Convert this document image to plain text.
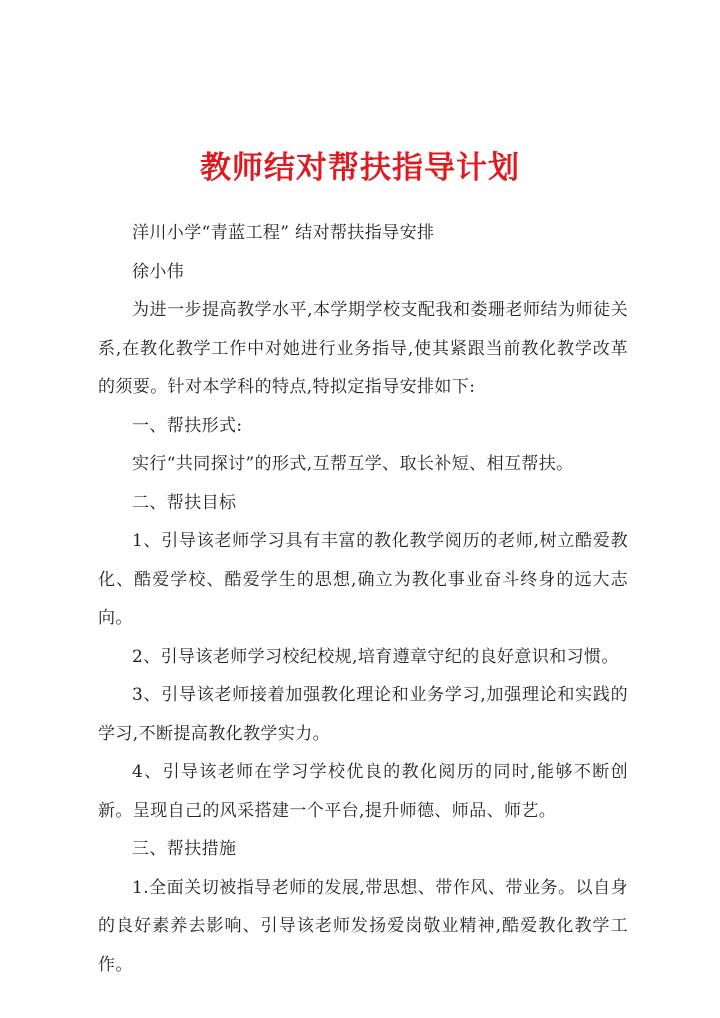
教师结对帮扶指导计划

洋川小学“青蓝工程” 结对帮扶指导安排

徐小伟

为进一步提高教学水平,本学期学校支配我和娄珊老师结为师徒关系,在教化教学工作中对她进行业务指导,使其紧跟当前教化教学改革的须要。针对本学科的特点,特拟定指导安排如下:

一、帮扶形式:

实行“共同探讨”的形式,互帮互学、取长补短、相互帮扶。

二、帮扶目标

1、引导该老师学习具有丰富的教化教学阅历的老师,树立酷爱教化、酷爱学校、酷爱学生的思想,确立为教化事业奋斗终身的远大志向。

2、引导该老师学习校纪校规,培育遵章守纪的良好意识和习惯。

3、引导该老师接着加强教化理论和业务学习,加强理论和实践的学习,不断提高教化教学实力。

4、引导该老师在学习学校优良的教化阅历的同时,能够不断创新。呈现自己的风采搭建一个平台,提升师德、师品、师艺。

三、帮扶措施

1.全面关切被指导老师的发展,带思想、带作风、带业务。以自身的良好素养去影响、引导该老师发扬爱岗敬业精神,酷爱教化教学工作。
